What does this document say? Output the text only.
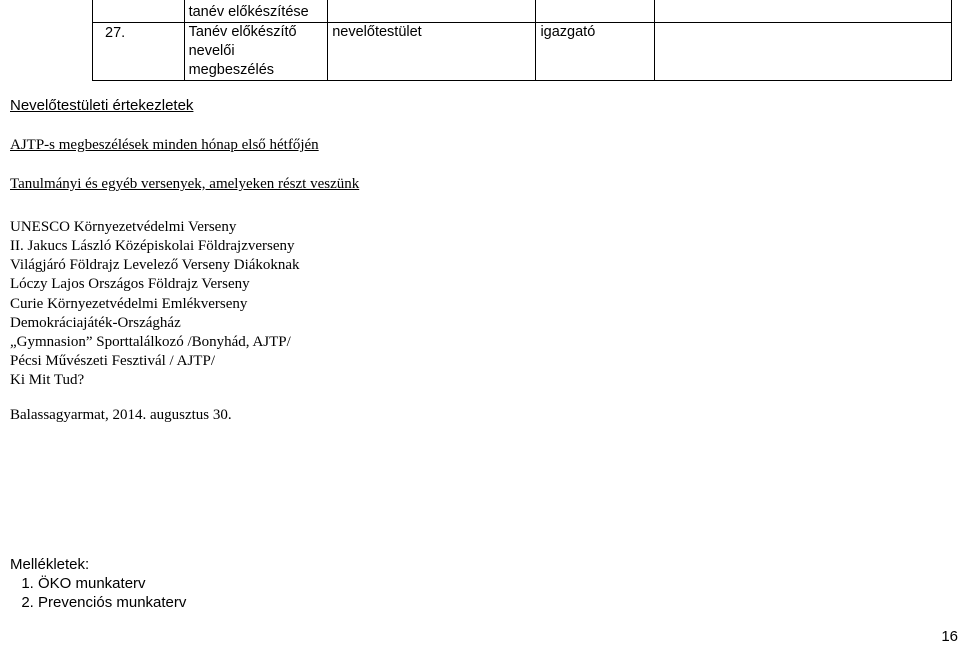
	tanév előkészítése			

27.	Tanév előkészítő
nevelői
megbeszélés	nevelőtestület	igazgató	

Nevelőtestületi értekezletek
AJTP-s megbeszélések minden hónap első hétfőjén
Tanulmányi és egyéb versenyek, amelyeken részt veszünk
UNESCO Környezetvédelmi Verseny
II. Jakucs László Középiskolai Földrajzverseny
Világjáró Földrajz Levelező Verseny Diákoknak
Lóczy Lajos Országos Földrajz Verseny
Curie Környezetvédelmi Emlékverseny
Demokráciajáték-Országház
„Gymnasion” Sporttalálkozó /Bonyhád, AJTP/
Pécsi Művészeti Fesztivál / AJTP/
Ki Mit Tud?
Balassagyarmat, 2014. augusztus 30.
Mellékletek:
1. ÖKO munkaterv
2. Prevenciós munkaterv
16
